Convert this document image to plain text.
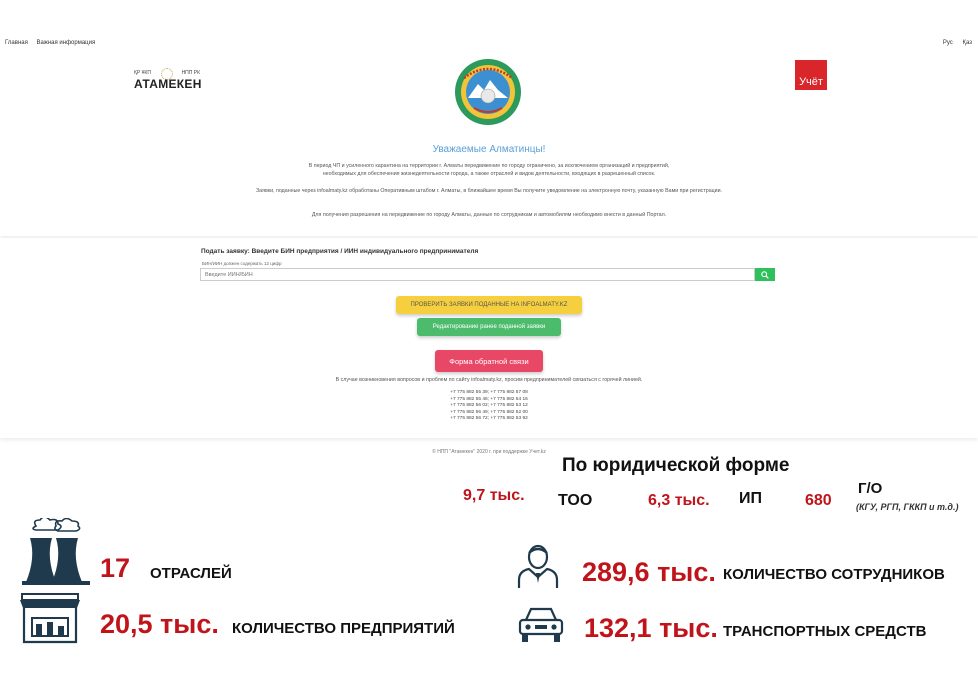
Главная Важная информация	Рус Қаз
ҚР ҰКП	НПП РК
АТАМЕКЕН	Учёт
Уважаемые Алматинцы!
В период ЧП и усиленного карантина на территории г. Алматы передвижение по городу ограничено, за исключением организаций и предприятий,
необходимых для обеспечения жизнедеятельности города, а также отраслей и видов деятельности, входящих в разрешенный список.
Заявки, поданные через infoalmaty.kz обработаны Оперативным штабом г. Алматы, в ближайшее время Вы получите уведомление на электронную почту, указанную Вами при регистрации.
Для получения разрешения на передвижение по городу Алматы, данные по сотрудникам и автомобилям необходимо внести в данный Портал.
Подать заявку: Введите БИН предприятия / ИИН индивидуального предпринимателя
БИН/ИИН должен содержать 12 цифр
Введите ИИН/БИН
ПРОВЕРИТЬ ЗАЯВКИ ПОДАННЫЕ НА INFOALMATY.KZ
Редактирование ранее поданной заявки
Форма обратной связи
В случае возникновения вопросов и проблем по сайту infoalmaty.kz, просим предпринимателей связаться с горячей линией.
+7 775 882 55 39; +7 775 882 57 08
+7 775 882 55 46; +7 775 882 54 16
+7 775 882 56 02; +7 775 882 53 12
+7 775 882 56 49; +7 775 882 52 00
+7 775 882 56 72; +7 775 882 53 92
© НПП "Атамекен" 2020 г. при поддержке Учет.kz
По юридической форме
9,7 тыс. ТОО	6,3 тыс. ИП	680
Г/О
(КГУ, РГП, ГККП и т.д.)
17 ОТРАСЛЕЙ
20,5 тыс. КОЛИЧЕСТВО ПРЕДПРИЯТИЙ
289,6 тыс. КОЛИЧЕСТВО СОТРУДНИКОВ
132,1 тыс. ТРАНСПОРТНЫХ СРЕДСТВ
